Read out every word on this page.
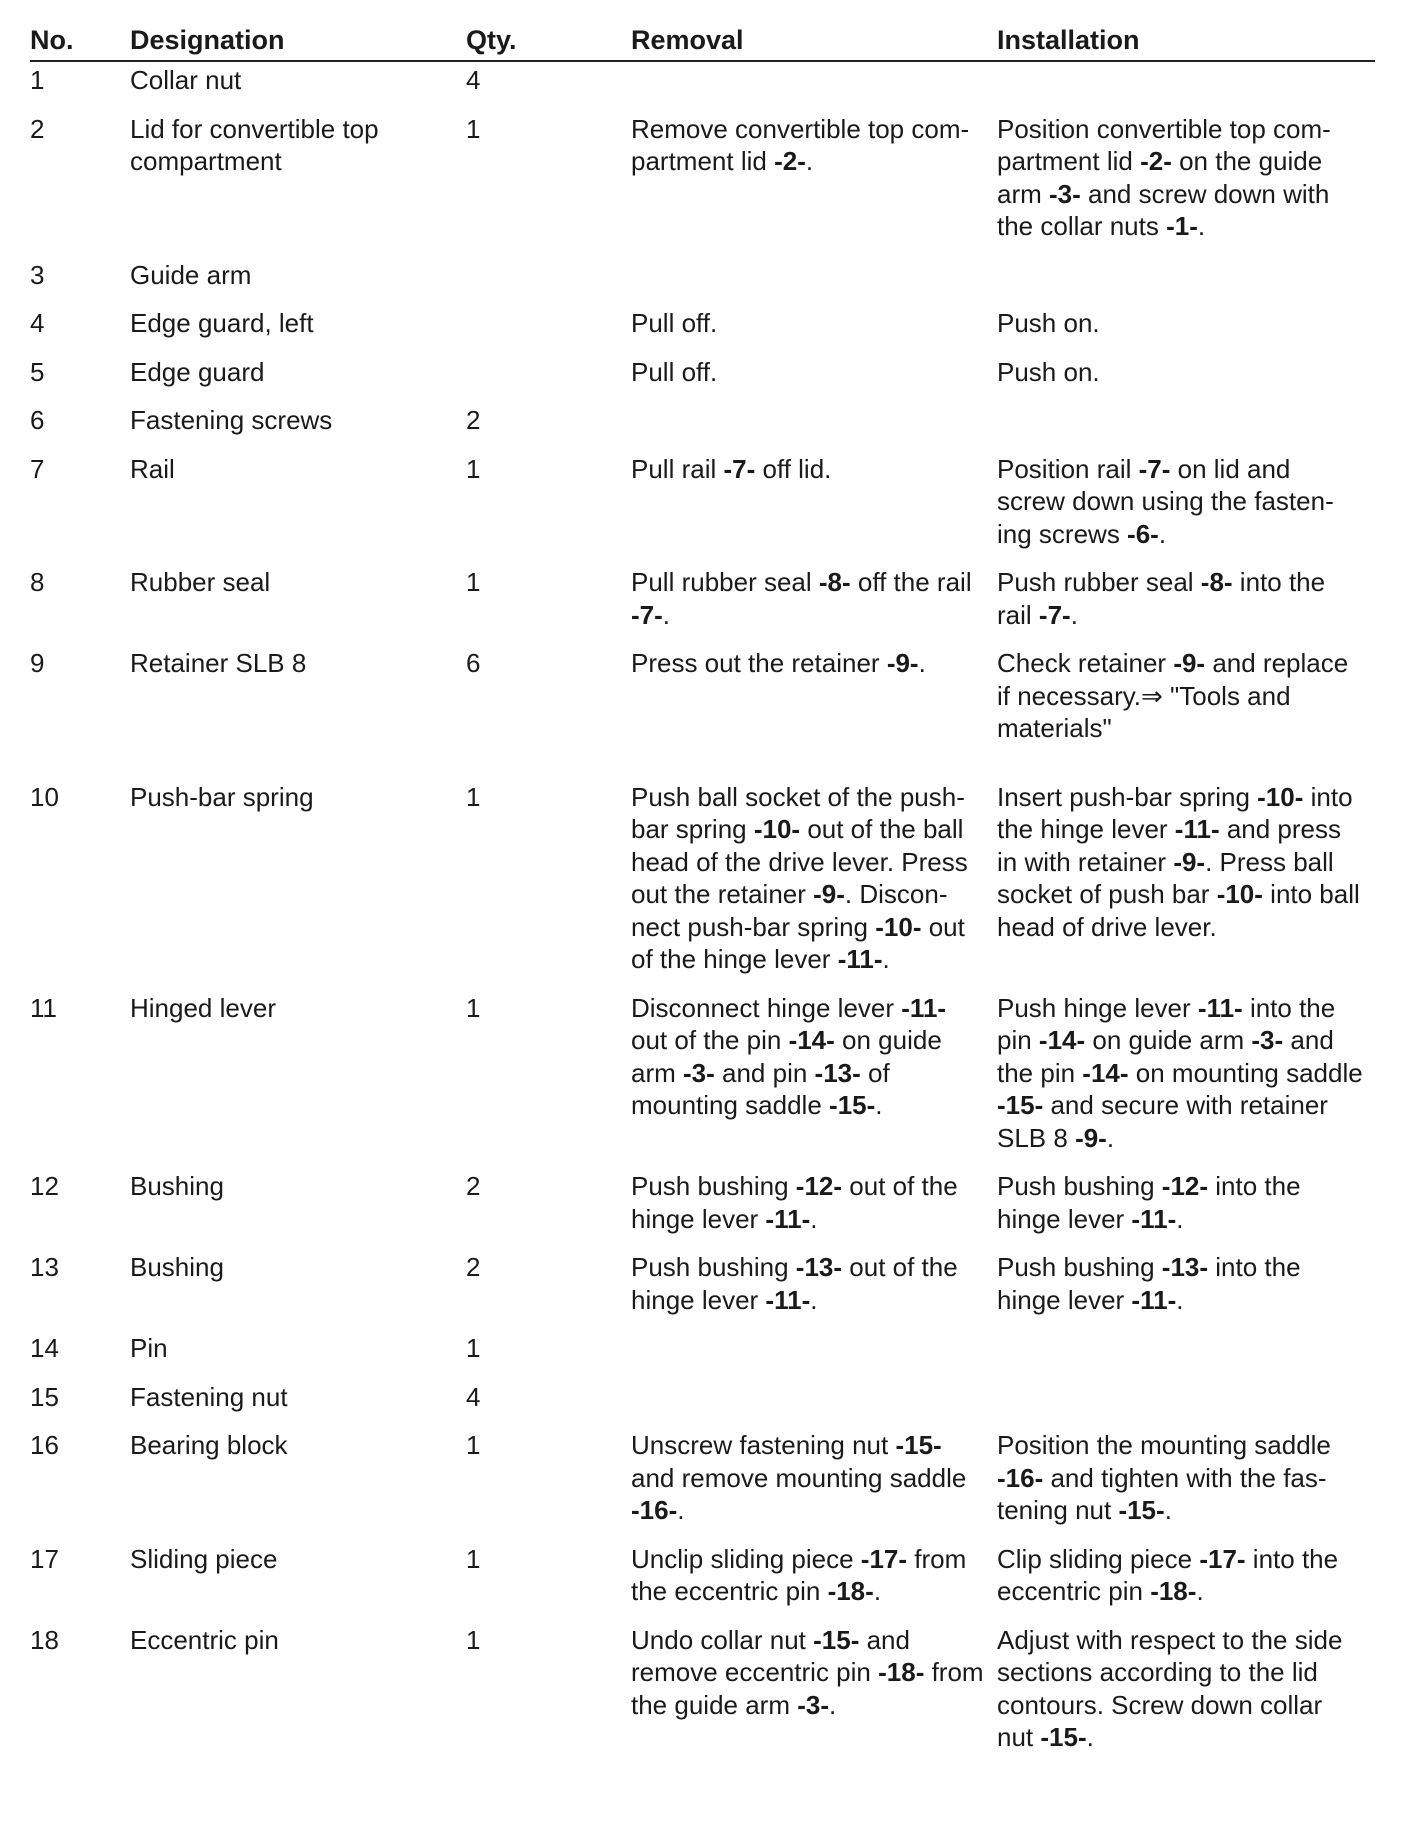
No.	Designation	Qty.	Removal	Installation
1	Collar nut	4		
2	Lid for convertible top compartment	1	Remove convertible top com-partment lid -2-.	Position convertible top com-partment lid -2- on the guide arm -3- and screw down with the collar nuts -1-.
3	Guide arm			
4	Edge guard, left		Pull off.	Push on.
5	Edge guard		Pull off.	Push on.
6	Fastening screws	2		
7	Rail	1	Pull rail -7- off lid.	Position rail -7- on lid and screw down using the fasten-ing screws -6-.
8	Rubber seal	1	Pull rubber seal -8- off the rail -7-.	Push rubber seal -8- into the rail -7-.
9	Retainer SLB 8	6	Press out the retainer -9-.	Check retainer -9- and replace if necessary.⇒ "Tools and materials"
10	Push-bar spring	1	Push ball socket of the push-bar spring -10- out of the ball head of the drive lever. Press out the retainer -9-. Discon-nect push-bar spring -10- out of the hinge lever -11-.	Insert push-bar spring -10- into the hinge lever -11- and press in with retainer -9-. Press ball socket of push bar -10- into ball head of drive lever.
11	Hinged lever	1	Disconnect hinge lever -11- out of the pin -14- on guide arm -3- and pin -13- of mounting saddle -15-.	Push hinge lever -11- into the pin -14- on guide arm -3- and the pin -14- on mounting saddle -15- and secure with retainer SLB 8 -9-.
12	Bushing	2	Push bushing -12- out of the hinge lever -11-.	Push bushing -12- into the hinge lever -11-.
13	Bushing	2	Push bushing -13- out of the hinge lever -11-.	Push bushing -13- into the hinge lever -11-.
14	Pin	1		
15	Fastening nut	4		
16	Bearing block	1	Unscrew fastening nut -15- and remove mounting saddle -16-.	Position the mounting saddle -16- and tighten with the fas-tening nut -15-.
17	Sliding piece	1	Unclip sliding piece -17- from the eccentric pin -18-.	Clip sliding piece -17- into the eccentric pin -18-.
18	Eccentric pin	1	Undo collar nut -15- and remove eccentric pin -18- from the guide arm -3-.	Adjust with respect to the side sections according to the lid contours. Screw down collar nut -15-.
